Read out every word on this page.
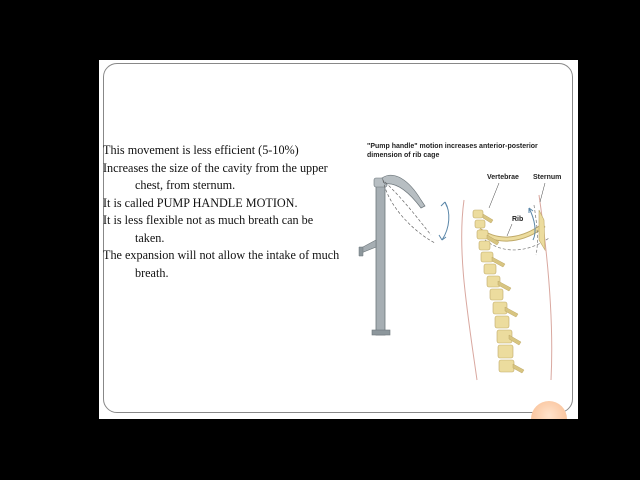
This movement is less efficient (5-10%)
Increases the size of the cavity from the upper chest, from sternum.
It is called PUMP HANDLE MOTION.
It is less flexible not as much breath can be taken.
The expansion will not allow the intake of much breath.
"Pump handle" motion increases anterior-posterior dimension of rib cage
Vertebrae Sternum
Rib
